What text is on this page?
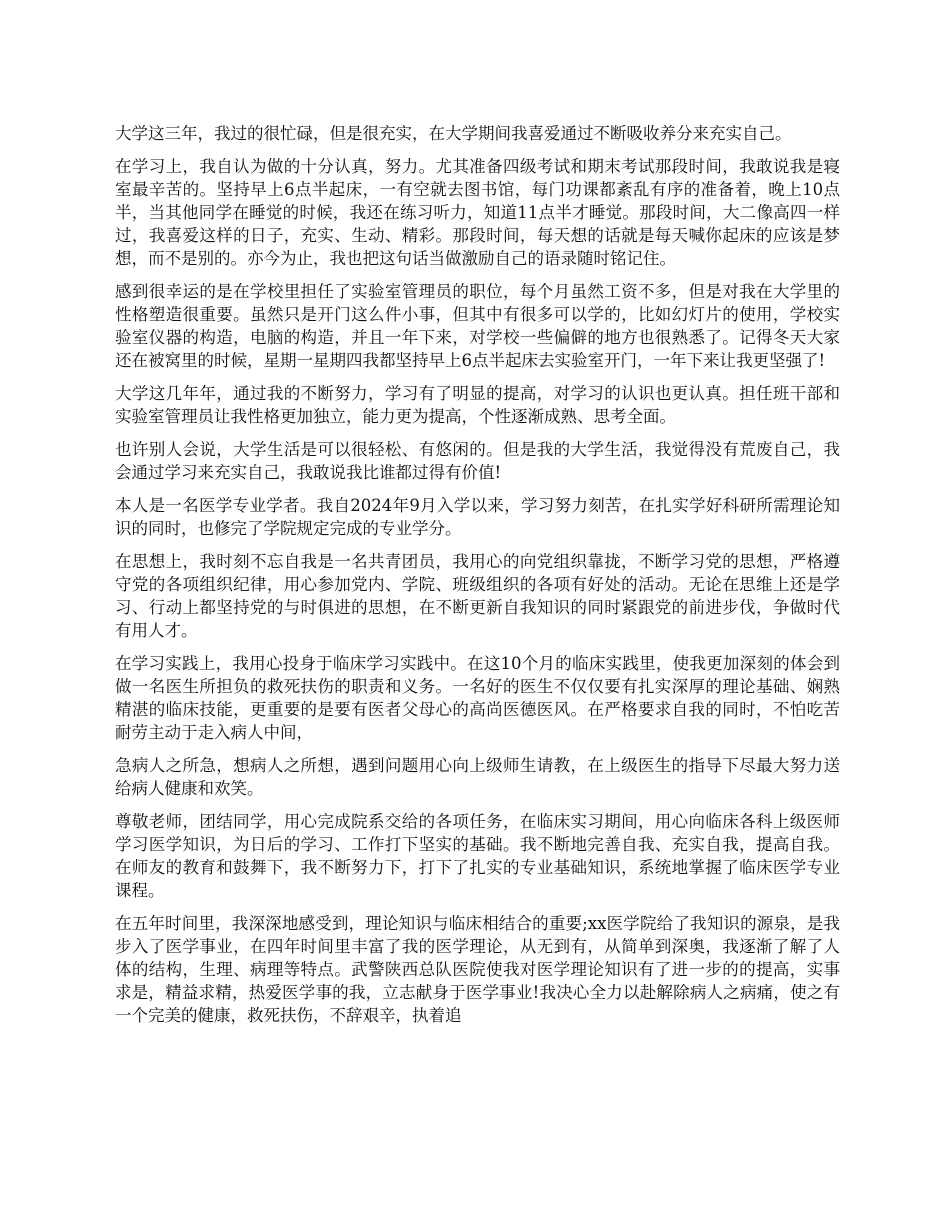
大学这三年，我过的很忙碌，但是很充实，在大学期间我喜爱通过不断吸收养分来充实自己。

在学习上，我自认为做的十分认真，努力。尤其准备四级考试和期末考试那段时间，我敢说我是寝室最辛苦的。坚持早上6点半起床，一有空就去图书馆，每门功课都紊乱有序的准备着，晚上10点半，当其他同学在睡觉的时候，我还在练习听力，知道11点半才睡觉。那段时间，大二像高四一样过，我喜爱这样的日子，充实、生动、精彩。那段时间，每天想的话就是每天喊你起床的应该是梦想，而不是别的。亦今为止，我也把这句话当做激励自己的语录随时铭记住。

感到很幸运的是在学校里担任了实验室管理员的职位，每个月虽然工资不多，但是对我在大学里的性格塑造很重要。虽然只是开门这么件小事，但其中有很多可以学的，比如幻灯片的使用，学校实验室仪器的构造，电脑的构造，并且一年下来，对学校一些偏僻的地方也很熟悉了。记得冬天大家还在被窝里的时候，星期一星期四我都坚持早上6点半起床去实验室开门，一年下来让我更坚强了!

大学这几年年，通过我的不断努力，学习有了明显的提高，对学习的认识也更认真。担任班干部和实验室管理员让我性格更加独立，能力更为提高，个性逐渐成熟、思考全面。

也许别人会说，大学生活是可以很轻松、有悠闲的。但是我的大学生活，我觉得没有荒废自己，我会通过学习来充实自己，我敢说我比谁都过得有价值!

本人是一名医学专业学者。我自2024年9月入学以来，学习努力刻苦，在扎实学好科研所需理论知识的同时，也修完了学院规定完成的专业学分。

在思想上，我时刻不忘自我是一名共青团员，我用心的向党组织靠拢，不断学习党的思想，严格遵守党的各项组织纪律，用心参加党内、学院、班级组织的各项有好处的活动。无论在思维上还是学习、行动上都坚持党的与时俱进的思想，在不断更新自我知识的同时紧跟党的前进步伐，争做时代有用人才。

在学习实践上，我用心投身于临床学习实践中。在这10个月的临床实践里，使我更加深刻的体会到做一名医生所担负的救死扶伤的职责和义务。一名好的医生不仅仅要有扎实深厚的理论基础、娴熟精湛的临床技能，更重要的是要有医者父母心的高尚医德医风。在严格要求自我的同时，不怕吃苦耐劳主动于走入病人中间，

急病人之所急，想病人之所想，遇到问题用心向上级师生请教，在上级医生的指导下尽最大努力送给病人健康和欢笑。

尊敬老师，团结同学，用心完成院系交给的各项任务，在临床实习期间，用心向临床各科上级医师学习医学知识，为日后的学习、工作打下坚实的基础。我不断地完善自我、充实自我，提高自我。在师友的教育和鼓舞下，我不断努力下，打下了扎实的专业基础知识，系统地掌握了临床医学专业课程。

在五年时间里，我深深地感受到，理论知识与临床相结合的重要;xx医学院给了我知识的源泉，是我步入了医学事业，在四年时间里丰富了我的医学理论，从无到有，从简单到深奥，我逐渐了解了人体的结构，生理、病理等特点。武警陕西总队医院使我对医学理论知识有了进一步的的提高，实事求是，精益求精，热爱医学事的我，立志献身于医学事业!我决心全力以赴解除病人之病痛，使之有一个完美的健康，救死扶伤，不辞艰辛，执着追
